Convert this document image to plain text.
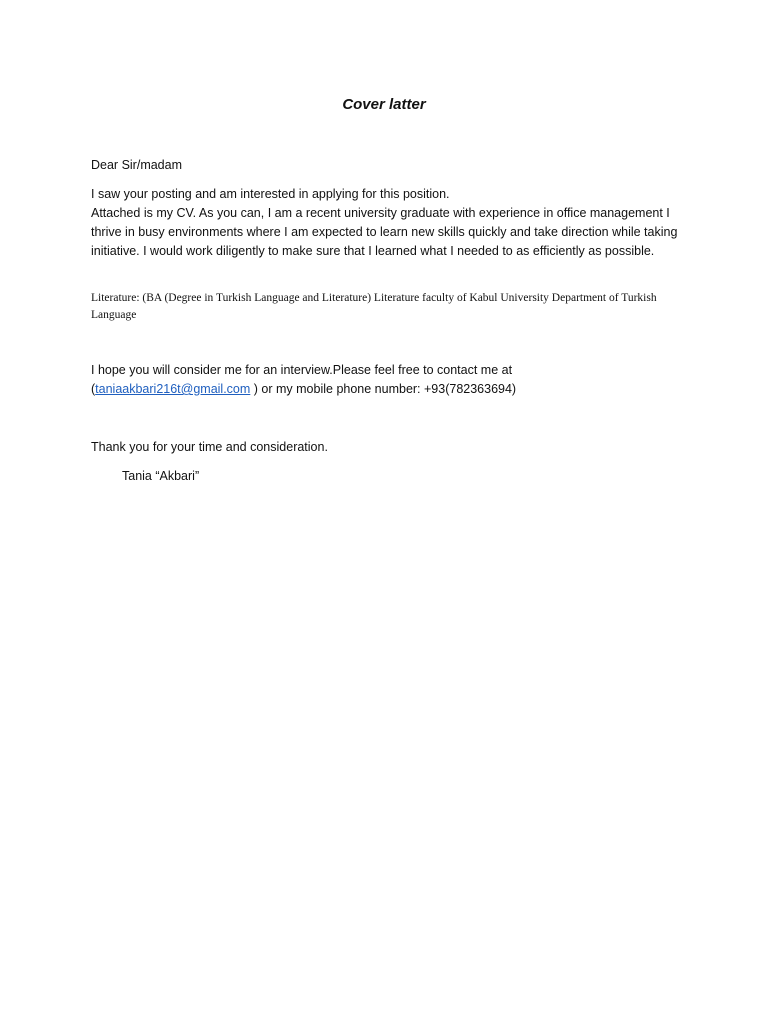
Cover latter
Dear Sir/madam

I saw your posting and am interested in applying for this position.

Attached is my CV. As you can, I am a recent university graduate with experience in office management I thrive in busy environments where I am expected to learn new skills quickly and take direction while taking initiative. I would work diligently to make sure that I learned what I needed to as efficiently as possible.

Literature: (BA (Degree in Turkish Language and Literature) Literature faculty of Kabul University Department of Turkish Language

I hope you will consider me for an interview.Please feel free to contact me at

(taniaakbari216t@gmail.com ) or my mobile phone number: +93(782363694)

Thank you for your time and consideration.
Tania “Akbari”
